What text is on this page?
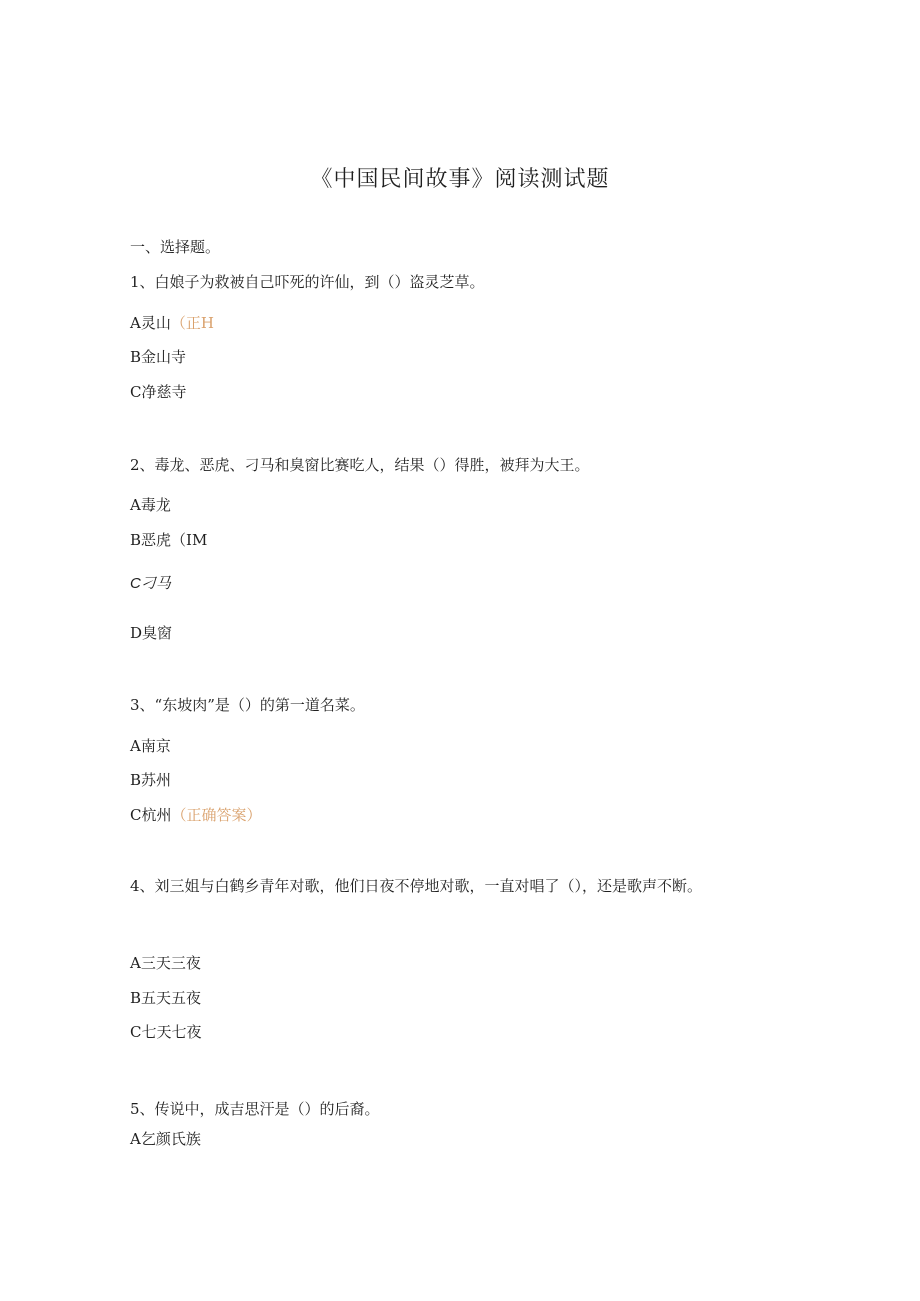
《中国民间故事》阅读测试题
一、选择题。
1、白娘子为救被自己吓死的许仙，到（）盗灵芝草。
A灵山（正H
B金山寺
C净慈寺
2、毒龙、恶虎、刁马和臭窗比赛吃人，结果（）得胜，被拜为大王。
A毒龙
B恶虎（IM
C刁马
D臭窗
3、“东坡肉”是（）的第一道名菜。
A南京
B苏州
C杭州（正确答案）
4、刘三姐与白鹤乡青年对歌，他们日夜不停地对歌，一直对唱了（），还是歌声不断。
A三天三夜
B五天五夜
C七天七夜
5、传说中，成吉思汗是（）的后裔。
A乞颜氏族
